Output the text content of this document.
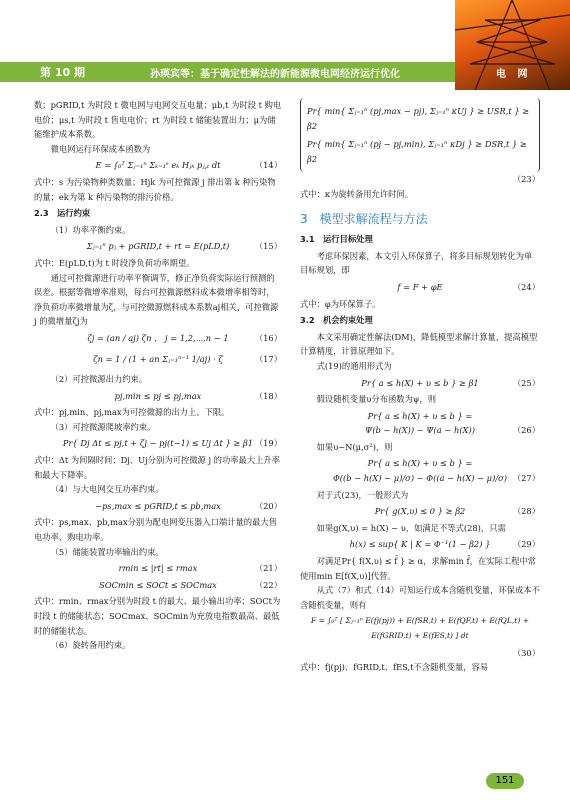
第 10 期	孙瑛宾等：基于确定性解法的新能源微电网经济运行优化	电 网

数；pGRID,t 为时段 t 微电网与电网交互电量；μb,t 为时段 t 购电电价；μs,t 为时段 t 售电电价；rt 为时段 t 储能装置出力；μ为储能维护成本系数。

微电网运行环保成本函数为

E = ∫₀ᵀ Σⱼ₌₁ⁿ Σₖ₌₁ˢ eₖ Hⱼₖ pⱼ,ₜ dt	（14）

式中：s 为污染物种类数量；Hjk 为可控微源 j 排出第 k 种污染物的量；ek为第 k 种污染物的排污价格。

2.3　运行约束

（1）功率平衡约束。

Σⱼ₌₁ⁿ pⱼ + pGRID,t + rt = E(pLD,t)	（15）

式中：E(pLD,t)为 t 时段净负荷功率期望。

通过可控微源进行功率平衡调节，修正净负荷实际运行预测的误差。根据等微增率准则，每台可控微源燃料成本微增率相等时，净负荷功率微增量为ζ，与可控微源燃料成本系数aj相关，可控微源 j 的微增量ζj为

ζj = (an / aj) ζn ， j = 1,2,⋯,n − 1	（16）
ζn = 1 / (1 + an Σⱼ₌₁ⁿ⁻¹ 1/aj) · ζ	（17）

（2）可控微源出力约束。

pj,min ≤ pj ≤ pj,max	（18）

式中：pj,min、pj,max为可控微源的出力上、下限。

（3）可控微源爬坡率约束。

Pr{ Dj Δt ≤ pj,t + ζj − pj(t−1) ≤ Uj Δt } ≥ β1 （19）

式中：Δt 为间隔时间；Dj、Uj分别为可控微源 j 的功率最大上升率和最大下降率。

（4）与大电网交互功率约束。

−ps,max ≤ pGRID,t ≤ pb,max	（20）

式中：ps,max、pb,max分别为配电网变压器入口端计量的最大售电功率、购电功率。

（5）储能装置功率输出约束。

rmin ≤ |rt| ≤ rmax	（21）
SOCmin ≤ SOCt ≤ SOCmax	（22）

式中：rmin、rmax分别为时段 t 的最大、最小输出功率；SOCt为时段 t 的储能状态；SOCmax、SOCmin为充放电指数最高、最低时的储能状态。

（6）旋转备用约束。

Pr{ min{ Σⱼ₌₁ⁿ (pj,max − pj), Σⱼ₌₁ⁿ κUj } ≥ USR,t } ≥ β2
Pr{ min{ Σⱼ₌₁ⁿ (pj − pj,min), Σⱼ₌₁ⁿ κDj } ≥ DSR,t } ≥ β2
（23）

式中：κ为旋转备用允许时间。

3　模型求解流程与方法
3.1　运行目标处理

考虑环保因素，本文引入环保算子，将多目标规划转化为单目标规划，即

f = F + φE	（24）

式中：φ为环保算子。

3.2　机会约束处理

本文采用确定性解法(DM)，降低模型求解计算量，提高模型计算精度，计算原理如下。

式(19)的通用形式为

Pr{ a ≤ h(X) + υ ≤ b } ≥ β1	（25）

假设随机变量υ分布函数为ψ，则

Pr{ a ≤ h(X) + υ ≤ b } =
Ψ(b − h(X)) − Ψ(a − h(X))	（26）

如果υ~N(μ,σ²)，则

Pr{ a ≤ h(X) + υ ≤ b } =
Φ((b − h(X) − μ)/σ) − Φ((a − h(X) − μ)/σ) （27）

对于式(23)，一般形式为

Pr{ g(X,υ) ≤ 0 } ≥ β2	（28）

如果g(X,υ) = h(X) − υ，如满足不等式(28)，只需

h(x) ≤ sup{ K | K = Φ⁻¹(1 − β2) }	（29）

对满足Pr{ f(X,υ) ≤ f̄ } ≥ α，求解min f̄，在实际工程中常使用min E[f(X,υ)]代替。

从式（7）和式（14）可知运行成本含随机变量，环保成本不含随机变量，则有

F = ∫₀ᵀ [ Σⱼ₌₁ⁿ E(fj(pj)) + E(fSR,t) + E(fQF,t) + E(fQL,t) +
E(fGRID,t) + E(fES,t) ] dt
（30）

式中：fj(pj)、fGRID,t、fES,t不含随机变量，容易

151
